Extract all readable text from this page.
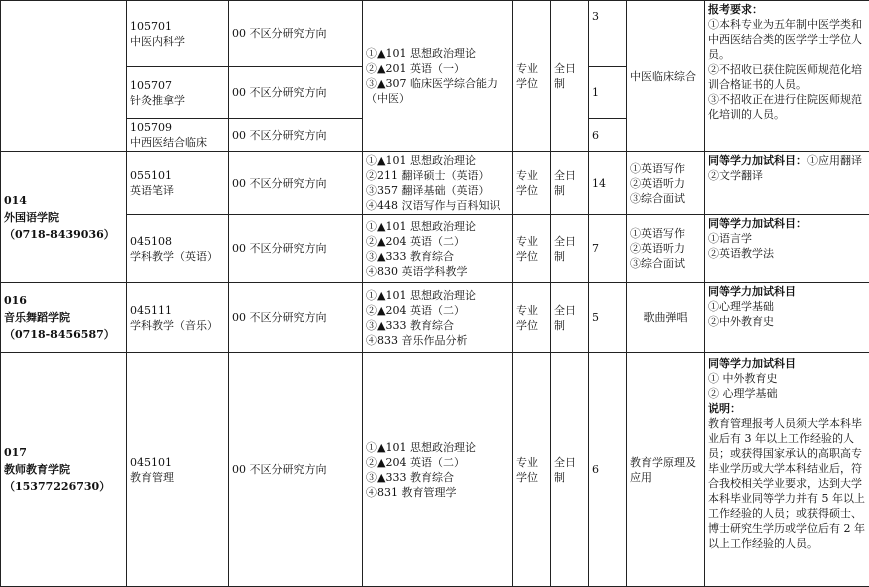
	105701
中医内科学	00 不区分研究方向	①▲101 思想政治理论
②▲201 英语（一）
③▲307 临床医学综合能力
（中医）	专业学位	全日制	3	中医临床综合	报考要求：
①本科专业为五年制中医学类和中西医结合类的医学学士学位人员。
②不招收已获住院医师规范化培训合格证书的人员。
③不招收正在进行住院医师规范化培训的人员。

	105707
针灸推拿学	00 不区分研究方向				1		

	105709
中西医结合临床	00 不区分研究方向				6		

014
外国语学院
（0718-8439036）	055101
英语笔译	00 不区分研究方向	①▲101 思想政治理论
②211 翻译硕士（英语）
③357 翻译基础（英语）
④448 汉语写作与百科知识	专业学位	全日制	14	①英语写作
②英语听力
③综合面试	同等学力加试科目：①应用翻译
②文学翻译

	045108
学科教学（英语）	00 不区分研究方向	①▲101 思想政治理论
②▲204 英语（二）
③▲333 教育综合
④830 英语学科教学	专业学位	全日制	7	①英语写作
②英语听力
③综合面试	同等学力加试科目：
①语言学
②英语教学法

016
音乐舞蹈学院
（0718-8456587）	045111
学科教学（音乐）	00 不区分研究方向	①▲101 思想政治理论
②▲204 英语（二）
③▲333 教育综合
④833 音乐作品分析	专业学位	全日制	5	歌曲弹唱	同等学力加试科目
①心理学基础
②中外教育史

017
教师教育学院
（15377226730）	045101
教育管理	00 不区分研究方向	①▲101 思想政治理论
②▲204 英语（二）
③▲333 教育综合
④831 教育管理学	专业学位	全日制	6	教育学原理及应用	同等学力加试科目
① 中外教育史
② 心理学基础
说明：
教育管理报考人员须大学本科毕业后有 3 年以上工作经验的人员；或获得国家承认的高职高专毕业学历或大学本科结业后，符合我校相关学业要求，达到大学本科毕业同等学力并有 5 年以上工作经验的人员；或获得硕士、博士研究生学历或学位后有 2 年以上工作经验的人员。
